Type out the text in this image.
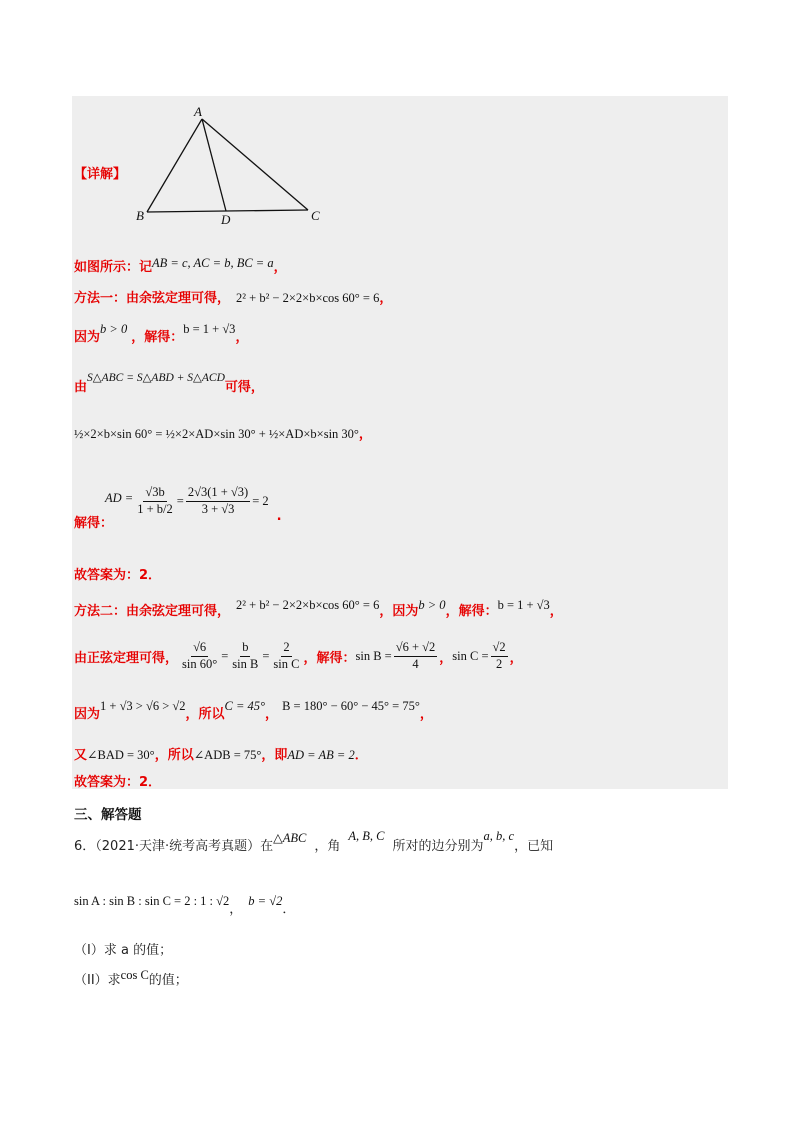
A
B	C
D
【详解】
如图所示：记AB = c, AC = b, BC = a，
方法一：由余弦定理可得， 2² + b² − 2×2×b×cos 60° = 6，
因为b > 0，解得：b = 1 + √3，
由S△ABC = S△ABD + S△ACD可得，
½×2×b×sin 60° = ½×2×AD×sin 30° + ½×AD×b×sin 30°，
解得：
AD = $\frac{√3b}{1 + b/2} = \frac{2√3(1 + √3)}{3 + √3} = 2$
.
故答案为：2．
方法二：由余弦定理可得， 2² + b² − 2×2×b×cos 60° = 6，因为b > 0，解得：b = 1 + √3，
由正弦定理可得， $\frac{√6}{\sin 60^\circ} = \frac{b}{\text{sin B}} = \frac{2}{\text{sin C}}$ ，解得： $\sin B = \frac{√6 + √2}{4}$ ， $\sin C = \frac{√2}{2}$ ，
因为1 + √3 > √6 > √2，所以C = 45°，B = 180° − 60° − 45° = 75°，
又∠BAD = 30°，所以∠ADB = 75°，即AD = AB = 2．
故答案为：2．
三、解答题
6．（2021·天津·统考高考真题）在△ABC，角A, B, C所对的边分别为a, b, c，已知
sin A : sin B : sin C = 2 : 1 : √2，b = √2．
（I）求 a 的值；
（II）求cos C的值；
